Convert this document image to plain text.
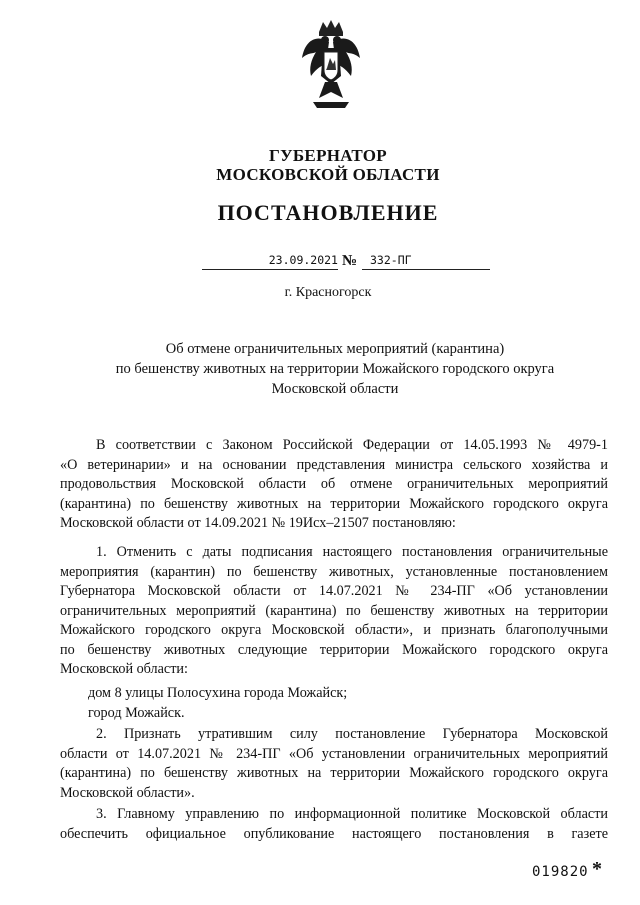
ГУБЕРНАТОР
МОСКОВСКОЙ ОБЛАСТИ
ПОСТАНОВЛЕНИЕ
23.09.2021 № 332-ПГ
г. Красногорск
Об отмене ограничительных мероприятий (карантина)
по бешенству животных на территории Можайского городского округа
Московской области
В соответствии с Законом Российской Федерации от 14.05.1993 № 4979-1
«О ветеринарии» и на основании представления министра сельского хозяйства и
продовольствия Московской области об отмене ограничительных мероприятий
(карантина) по бешенству животных на территории Можайского городского округа
Московской области от 14.09.2021 № 19Исх–21507 постановляю:
1. Отменить с даты подписания настоящего постановления ограничительные
мероприятия (карантин) по бешенству животных, установленные постановлением
Губернатора Московской области от 14.07.2021 № 234-ПГ «Об установлении
ограничительных мероприятий (карантина) по бешенству животных на территории
Можайского городского округа Московской области», и признать благополучными
по бешенству животных следующие территории Можайского городского округа
Московской области:
дом 8 улицы Полосухина города Можайск;
город Можайск.
2. Признать утратившим силу постановление Губернатора Московской
области от 14.07.2021 № 234-ПГ «Об установлении ограничительных мероприятий
(карантина) по бешенству животных на территории Можайского городского округа
Московской области».
3. Главному управлению по информационной политике Московской области
обеспечить официальное опубликование настоящего постановления в газете
019820 *
